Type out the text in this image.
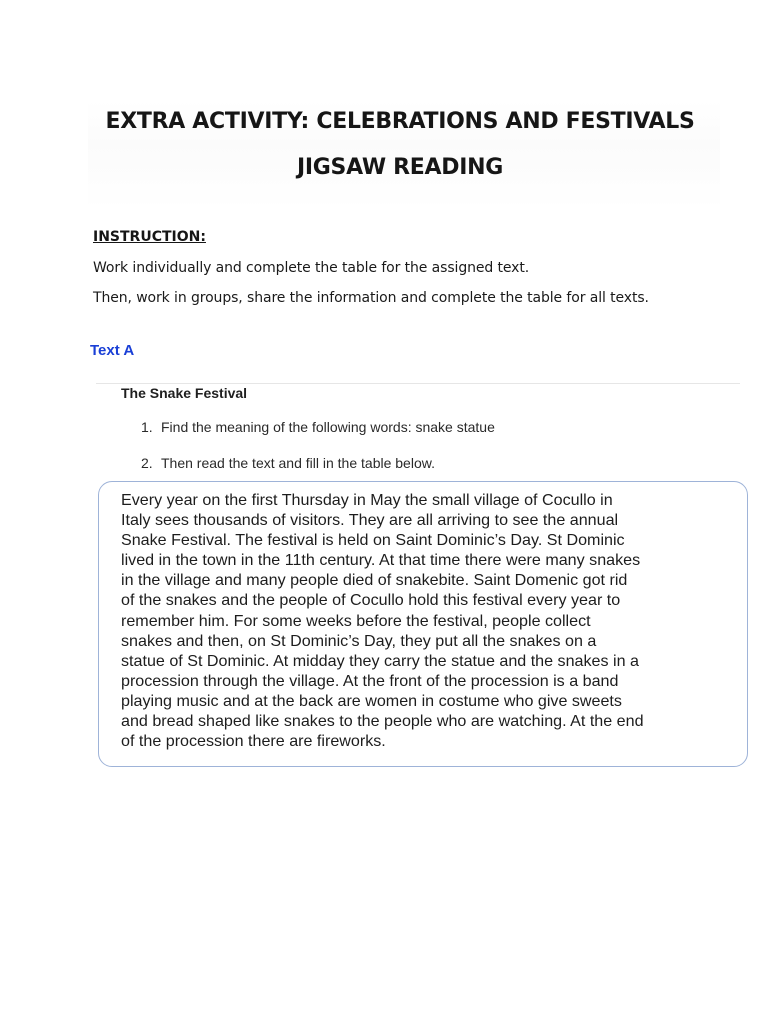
EXTRA ACTIVITY: CELEBRATIONS AND FESTIVALS
JIGSAW READING
INSTRUCTION:
Work individually and complete the table for the assigned text.
Then, work in groups, share the information and complete the table for all texts.
Text A
The Snake Festival
1. Find the meaning of the following words: snake statue
2. Then read the text and fill in the table below.
Every year on the first Thursday in May the small village of Cocullo in
Italy sees thousands of visitors. They are all arriving to see the annual
Snake Festival. The festival is held on Saint Dominic’s Day. St Dominic
lived in the town in the 11th century. At that time there were many snakes
in the village and many people died of snakebite. Saint Domenic got rid
of the snakes and the people of Cocullo hold this festival every year to
remember him. For some weeks before the festival, people collect
snakes and then, on St Dominic’s Day, they put all the snakes on a
statue of St Dominic. At midday they carry the statue and the snakes in a
procession through the village. At the front of the procession is a band
playing music and at the back are women in costume who give sweets
and bread shaped like snakes to the people who are watching. At the end
of the procession there are fireworks.
